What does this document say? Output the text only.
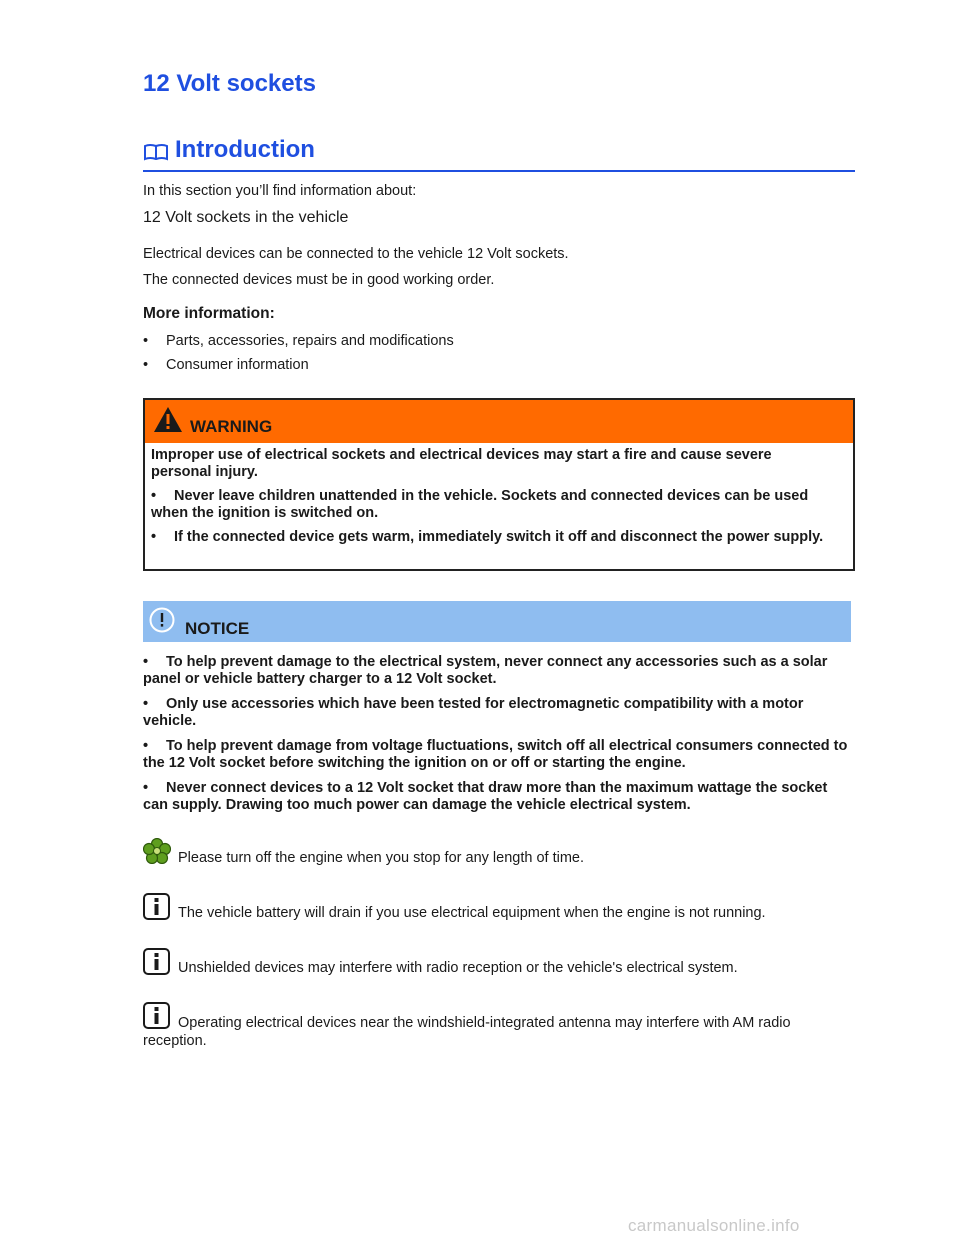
12 Volt sockets
Introduction

In this section you’ll find information about:

12 Volt sockets in the vehicle

Electrical devices can be connected to the vehicle 12 Volt sockets.

The connected devices must be in good working order.

More information:

• Parts, accessories, repairs and modifications
• Consumer information
WARNING

Improper use of electrical sockets and electrical devices may start a fire and cause severe personal injury.

• Never leave children unattended in the vehicle. Sockets and connected devices can be used when the ignition is switched on.

• If the connected device gets warm, immediately switch it off and disconnect the power supply.

NOTICE

• To help prevent damage to the electrical system, never connect any accessories such as a solar panel or vehicle battery charger to a 12 Volt socket.

• Only use accessories which have been tested for electromagnetic compatibility with a motor vehicle.

• To help prevent damage from voltage fluctuations, switch off all electrical consumers connected to the 12 Volt socket before switching the ignition on or off or starting the engine.

• Never connect devices to a 12 Volt socket that draw more than the maximum wattage the socket can supply. Drawing too much power can damage the vehicle electrical system.

Please turn off the engine when you stop for any length of time.
The vehicle battery will drain if you use electrical equipment when the engine is not running.
Unshielded devices may interfere with radio reception or the vehicle's electrical system.
Operating electrical devices near the windshield-integrated antenna may interfere with AM radio reception.
carmanualsonline.info
